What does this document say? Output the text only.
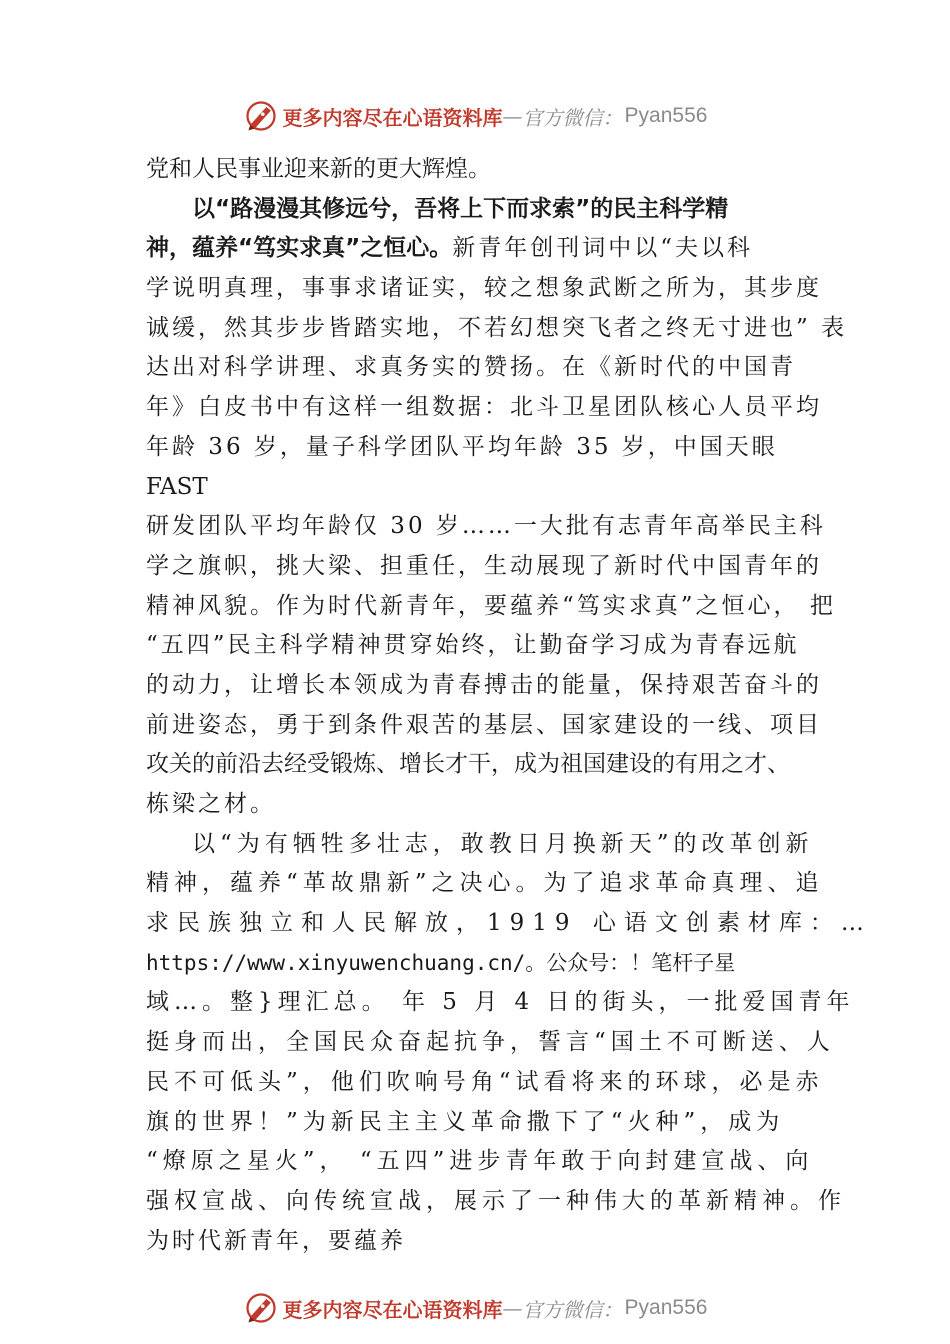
更多内容尽在心语资料库 — 官方微信： Pyan556
党和人民事业迎来新的更大辉煌。
以“路漫漫其修远兮，吾将上下而求索”的民主科学精
神，蕴养“笃实求真”之恒心。新青年创刊词中以“夫以科
学说明真理，事事求诸证实，较之想象武断之所为，其步度
诚缓，然其步步皆踏实地，不若幻想突飞者之终无寸进也” 表
达出对科学讲理、求真务实的赞扬。在《新时代的中国青
年》白皮书中有这样一组数据：北斗卫星团队核心人员平均
年龄 36 岁，量子科学团队平均年龄 35 岁，中国天眼
FAST
研发团队平均年龄仅 30 岁……一大批有志青年高举民主科
学之旗帜，挑大梁、担重任，生动展现了新时代中国青年的
精神风貌。作为时代新青年，要蕴养“笃实求真”之恒心， 把
“五四”民主科学精神贯穿始终，让勤奋学习成为青春远航
的动力，让增长本领成为青春搏击的能量，保持艰苦奋斗的
前进姿态，勇于到条件艰苦的基层、国家建设的一线、项目
攻关的前沿去经受锻炼、增长才干，成为祖国建设的有用之才、
栋梁之材。
以“为有牺牲多壮志，敢教日月换新天”的改革创新
精神，蕴养“革故鼎新”之决心。为了追求革命真理、追
求民族独立和人民解放，1919 心语文创素材库：…
https://www.xinyuwenchuang.cn/。公众号：！笔杆子星
域…。整}理汇总。 年 5 月 4 日的街头，一批爱国青年
挺身而出，全国民众奋起抗争，誓言“国土不可断送、人
民不可低头”，他们吹响号角“试看将来的环球，必是赤
旗的世界！”为新民主主义革命撒下了“火种”，成为
“燎原之星火”， “五四”进步青年敢于向封建宣战、向
强权宣战、向传统宣战，展示了一种伟大的革新精神。作
为时代新青年，要蕴养
更多内容尽在心语资料库 — 官方微信： Pyan556
